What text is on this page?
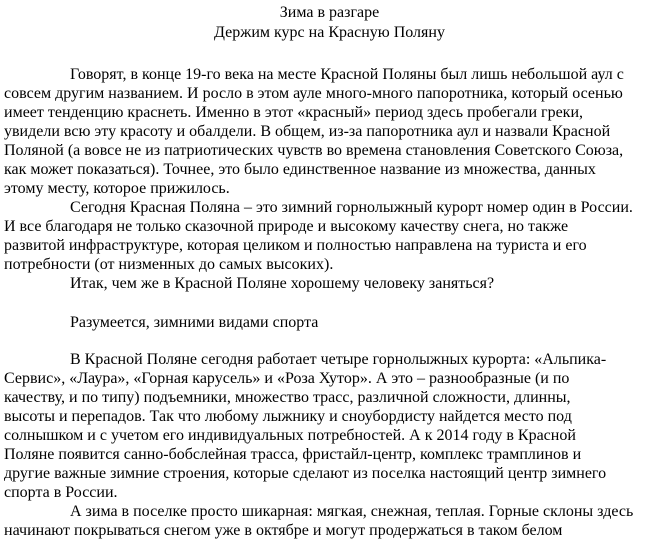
Зима в разгаре
Держим курс на Красную Поляну
Говорят, в конце 19-го века на месте Красной Поляны был лишь небольшой аул с
совсем другим названием. И росло в этом ауле много-много папоротника, который осенью
имеет тенденцию краснеть. Именно в этот «красный» период здесь пробегали греки,
увидели всю эту красоту и обалдели. В общем, из-за папоротника аул и назвали Красной
Поляной (а вовсе не из патриотических чувств во времена становления Советского Союза,
как может показаться). Точнее, это было единственное название из множества, данных
этому месту, которое прижилось.
Сегодня Красная Поляна – это зимний горнолыжный курорт номер один в России.
И все благодаря не только сказочной природе и высокому качеству снега, но также
развитой инфраструктуре, которая целиком и полностью направлена на туриста и его
потребности (от низменных до самых высоких).
Итак, чем же в Красной Поляне хорошему человеку заняться?
Разумеется, зимними видами спорта
В Красной Поляне сегодня работает четыре горнолыжных курорта: «Альпика-
Сервис», «Лаура», «Горная карусель» и «Роза Хутор». А это – разнообразные (и по
качеству, и по типу) подъемники, множество трасс, различной сложности, длинны,
высоты и перепадов. Так что любому лыжнику и сноубордисту найдется место под
солнышком и с учетом его индивидуальных потребностей. А к 2014 году в Красной
Поляне появится санно-бобслейная трасса, фристайл-центр, комплекс трамплинов и
другие важные зимние строения, которые сделают из поселка настоящий центр зимнего
спорта в России.
А зима в поселке просто шикарная: мягкая, снежная, теплая. Горные склоны здесь
начинают покрываться снегом уже в октябре и могут продержаться в таком белом
